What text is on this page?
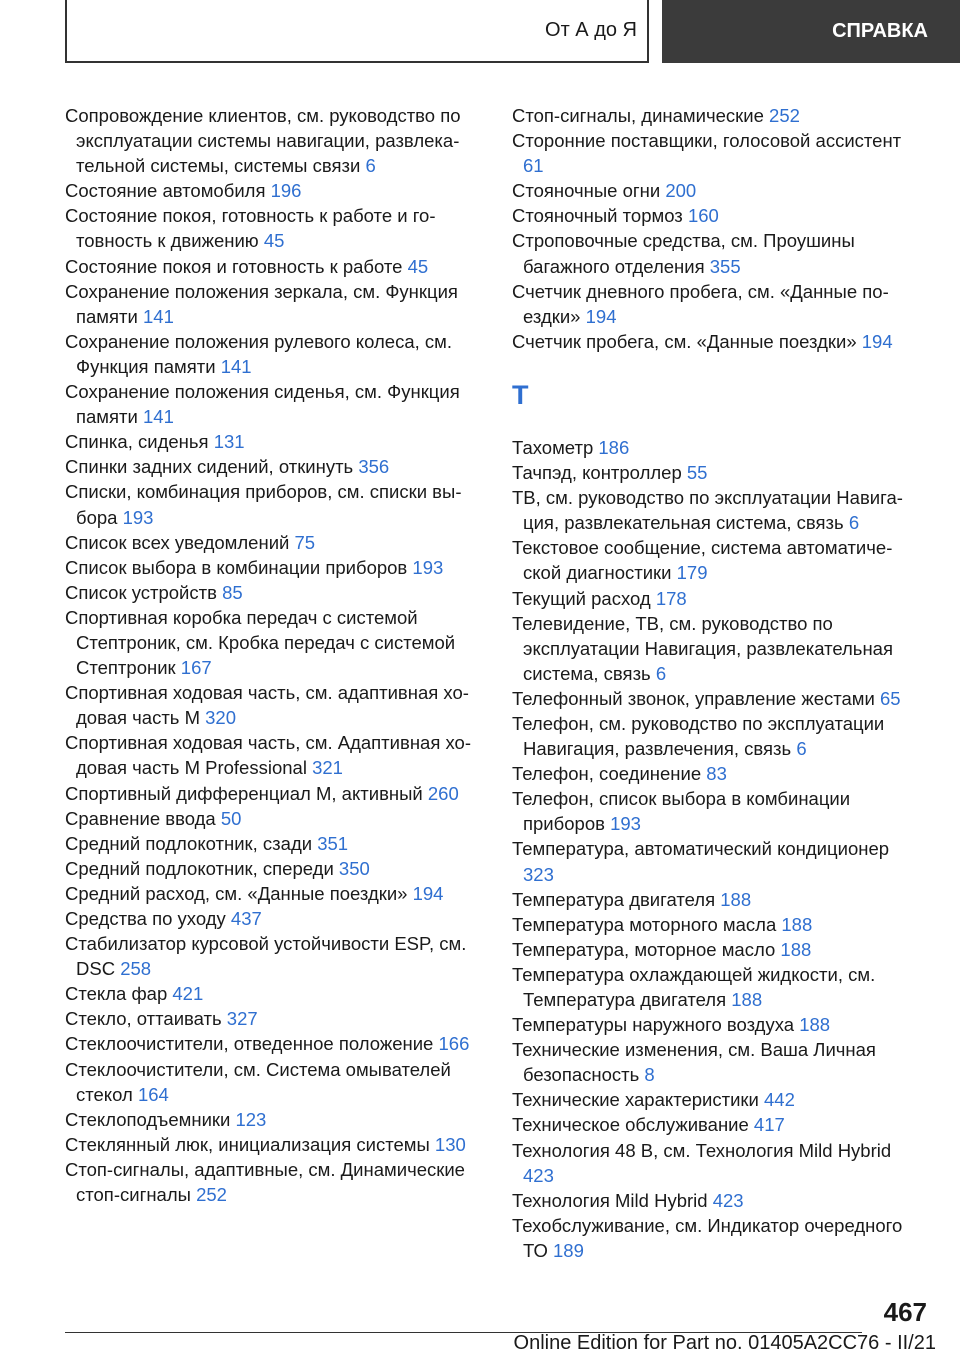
От А до Я	СПРАВКА
Сопровождение клиентов, см. руководство по эксплуатации системы навигации, развлекательной системы, системы связи 6
Состояние автомобиля 196
Состояние покоя, готовность к работе и готовность к движению 45
Состояние покоя и готовность к работе 45
Сохранение положения зеркала, см. Функция памяти 141
Сохранение положения рулевого колеса, см. Функция памяти 141
Сохранение положения сиденья, см. Функция памяти 141
Спинка, сиденья 131
Спинки задних сидений, откинуть 356
Списки, комбинация приборов, см. списки выбора 193
Список всех уведомлений 75
Список выбора в комбинации приборов 193
Список устройств 85
Спортивная коробка передач с системой Стептроник, см. Кробка передач с системой Стептроник 167
Спортивная ходовая часть, см. адаптивная ходовая часть M 320
Спортивная ходовая часть, см. Адаптивная ходовая часть M Professional 321
Спортивный дифференциал M, активный 260
Сравнение ввода 50
Средний подлокотник, сзади 351
Средний подлокотник, спереди 350
Средний расход, см. «Данные поездки» 194
Средства по уходу 437
Стабилизатор курсовой устойчивости ESP, см. DSC 258
Стекла фар 421
Стекло, оттаивать 327
Стеклоочистители, отведенное положение 166
Стеклоочистители, см. Система омывателей стекол 164
Стеклоподъемники 123
Стеклянный люк, инициализация системы 130
Стоп-сигналы, адаптивные, см. Динамические стоп-сигналы 252
Стоп-сигналы, динамические 252
Сторонние поставщики, голосовой ассистент 61
Стояночные огни 200
Стояночный тормоз 160
Строповочные средства, см. Проушины багажного отделения 355
Счетчик дневного пробега, см. «Данные поездки» 194
Счетчик пробега, см. «Данные поездки» 194
Т
Тахометр 186
Тачпэд, контроллер 55
ТВ, см. руководство по эксплуатации Навигация, развлекательная система, связь 6
Текстовое сообщение, система автоматической диагностики 179
Текущий расход 178
Телевидение, ТВ, см. руководство по эксплуатации Навигация, развлекательная система, связь 6
Телефонный звонок, управление жестами 65
Телефон, см. руководство по эксплуатации Навигация, развлечения, связь 6
Телефон, соединение 83
Телефон, список выбора в комбинации приборов 193
Температура, автоматический кондиционер 323
Температура двигателя 188
Температура моторного масла 188
Температура, моторное масло 188
Температура охлаждающей жидкости, см. Температура двигателя 188
Температуры наружного воздуха 188
Технические изменения, см. Ваша Личная безопасность 8
Технические характеристики 442
Техническое обслуживание 417
Технология 48 В, см. Технология Mild Hybrid 423
Технология Mild Hybrid 423
Техобслуживание, см. Индикатор очередного ТО 189
467
Online Edition for Part no. 01405A2CC76 - II/21
